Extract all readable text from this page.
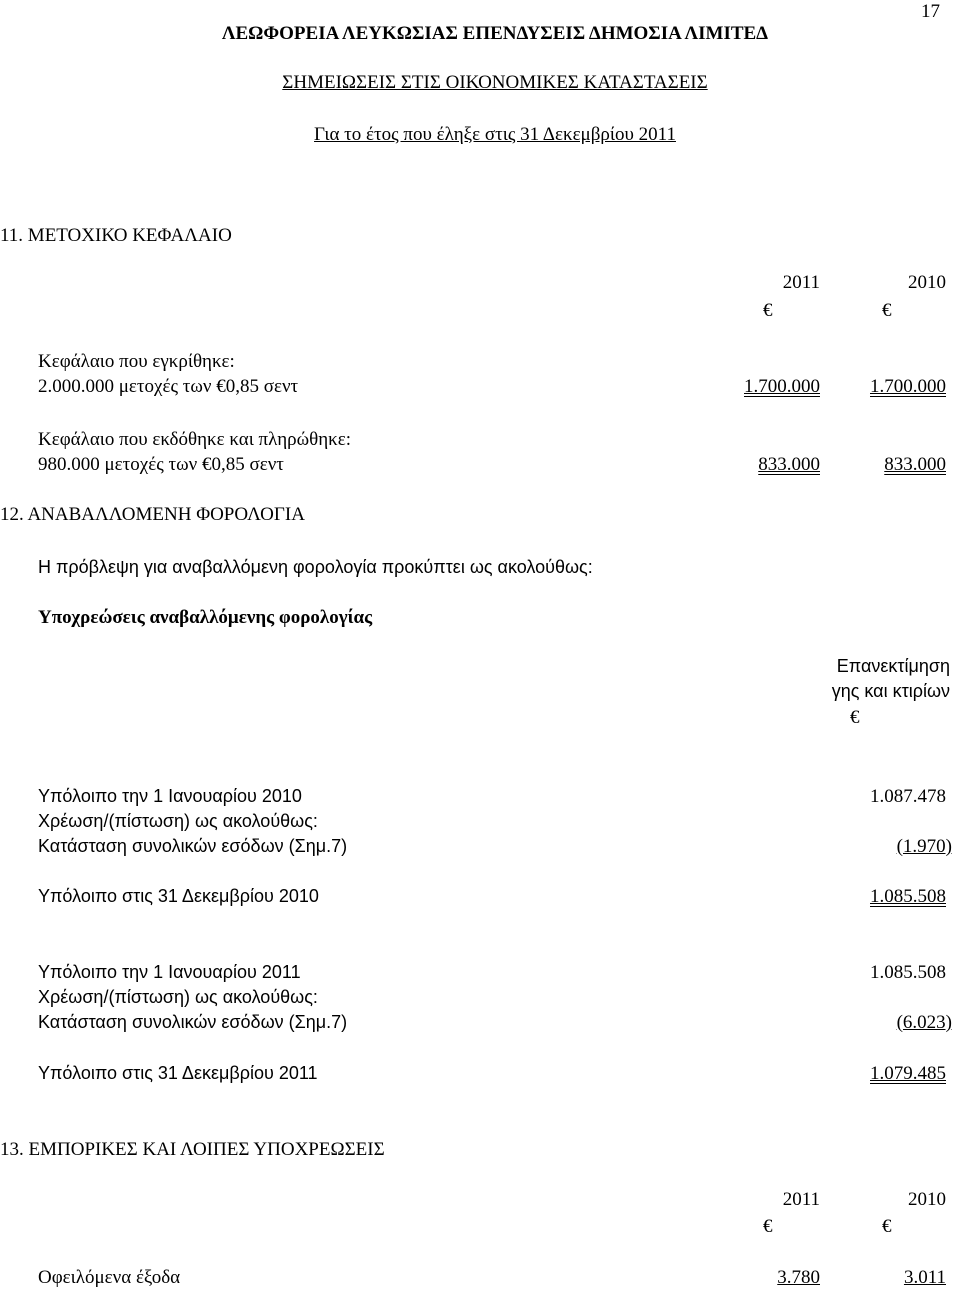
17
ΛΕΩΦΟΡΕΙΑ ΛΕΥΚΩΣΙΑΣ ΕΠΕΝΔΥΣΕΙΣ ΔΗΜΟΣΙΑ ΛΙΜΙΤΕΔ
ΣΗΜΕΙΩΣΕΙΣ ΣΤΙΣ ΟΙΚΟΝΟΜΙΚΕΣ ΚΑΤΑΣΤΑΣΕΙΣ
Για το έτος που έληξε στις 31 Δεκεμβρίου 2011
11. ΜΕΤΟΧΙΚΟ ΚΕΦΑΛΑΙΟ
2011	2010
€	€
Κεφάλαιο που εγκρίθηκε:
2.000.000 μετοχές των €0,85 σεντ	1.700.000	1.700.000
Κεφάλαιο που εκδόθηκε και πληρώθηκε:
980.000 μετοχές των €0,85 σεντ	833.000	833.000
12. ΑΝΑΒΑΛΛΟΜΕΝΗ ΦΟΡΟΛΟΓΙΑ
Η πρόβλεψη για αναβαλλόμενη φορολογία προκύπτει ως ακολούθως:
Υποχρεώσεις αναβαλλόμενης φορολογίας
Επανεκτίμηση
γης και κτιρίων
€
Υπόλοιπο την 1 Ιανουαρίου 2010	1.087.478
Χρέωση/(πίστωση) ως ακολούθως:
Κατάσταση συνολικών εσόδων (Σημ.7)	(1.970)
Υπόλοιπο στις 31 Δεκεμβρίου 2010	1.085.508
Υπόλοιπο την 1 Ιανουαρίου 2011	1.085.508
Χρέωση/(πίστωση) ως ακολούθως:
Κατάσταση συνολικών εσόδων (Σημ.7)	(6.023)
Υπόλοιπο στις 31 Δεκεμβρίου 2011	1.079.485
13. ΕΜΠΟΡΙΚΕΣ ΚΑΙ ΛΟΙΠΕΣ ΥΠΟΧΡΕΩΣΕΙΣ
2011	2010
€	€
Οφειλόμενα έξοδα	3.780	3.011
